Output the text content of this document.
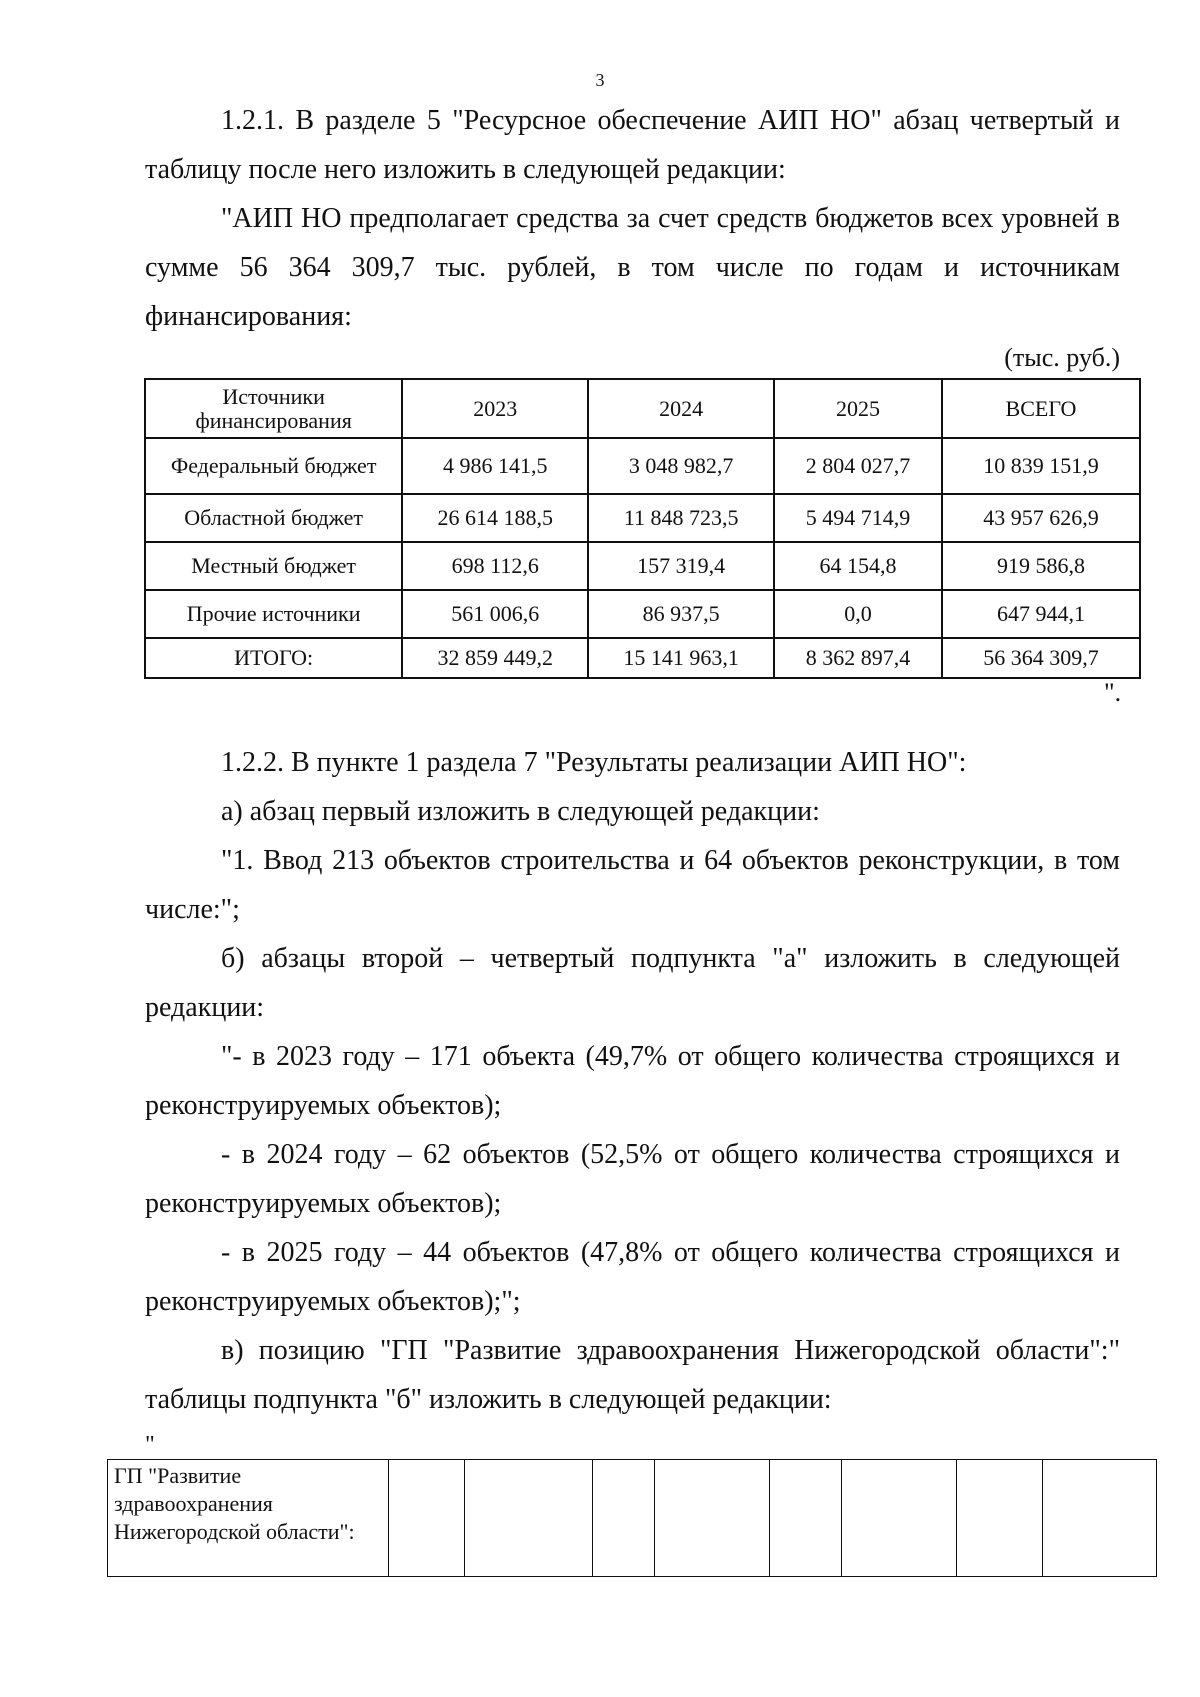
3

1.2.1. В разделе 5 "Ресурсное обеспечение АИП НО" абзац четвертый и таблицу после него изложить в следующей редакции:

"АИП НО предполагает средства за счет средств бюджетов всех уровней в сумме 56 364 309,7 тыс. рублей, в том числе по годам и источникам финансирования:

(тыс. руб.)
Источники финансирования	2023	2024	2025	ВСЕГО
Федеральный бюджет	4 986 141,5	3 048 982,7	2 804 027,7	10 839 151,9
Областной бюджет	26 614 188,5	11 848 723,5	5 494 714,9	43 957 626,9
Местный бюджет	698 112,6	157 319,4	64 154,8	919 586,8
Прочие источники	561 006,6	86 937,5	0,0	647 944,1
ИТОГО:	32 859 449,2	15 141 963,1	8 362 897,4	56 364 309,7
".

1.2.2. В пункте 1 раздела 7 "Результаты реализации АИП НО":

а) абзац первый изложить в следующей редакции:

"1. Ввод 213 объектов строительства и 64 объектов реконструкции, в том числе:";

б) абзацы второй – четвертый подпункта "а" изложить в следующей редакции:

"- в 2023 году – 171 объекта (49,7% от общего количества строящихся и реконструируемых объектов);

- в 2024 году – 62 объектов (52,5% от общего количества строящихся и реконструируемых объектов);

- в 2025 году – 44 объектов (47,8% от общего количества строящихся и реконструируемых объектов);";

в) позицию "ГП "Развитие здравоохранения Нижегородской области":" таблицы подпункта "б" изложить в следующей редакции:

"
ГП "Развитие здравоохранения Нижегородской области":								
